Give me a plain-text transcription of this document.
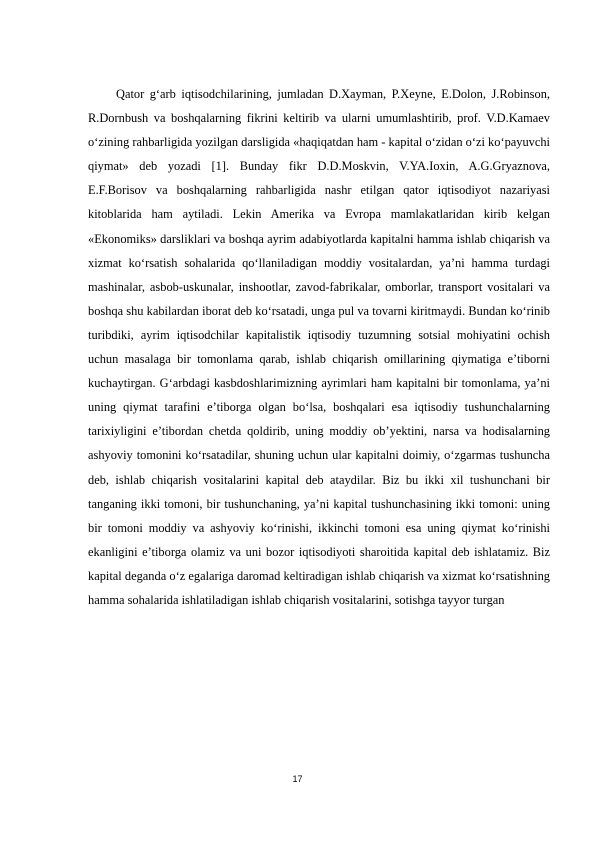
Qator g‘arb iqtisodchilarining, jumladan D.Xayman, P.Xeyne, E.Dolon, J.Robinson, R.Dornbush va boshqalarning fikrini keltirib va ularni umumlashtirib, prof. V.D.Kamaev o‘zining rahbarligida yozilgan darsligida «haqiqatdan ham - kapital o‘zidan o‘zi ko‘payuvchi qiymat» deb yozadi [1]. Bunday fikr D.D.Moskvin, V.YA.Ioxin, A.G.Gryaznova, E.F.Borisov va boshqalarning rahbarligida nashr etilgan qator iqtisodiyot nazariyasi kitoblarida ham aytiladi. Lekin Amerika va Evropa mamlakatlaridan kirib kelgan «Ekonomiks» darsliklari va boshqa ayrim adabiyotlarda kapitalni hamma ishlab chiqarish va xizmat ko‘rsatish sohalarida qo‘llaniladigan moddiy vositalardan, ya’ni hamma turdagi mashinalar, asbob-uskunalar, inshootlar, zavod-fabrikalar, omborlar, transport vositalari va boshqa shu kabilardan iborat deb ko‘rsatadi, unga pul va tovarni kiritmaydi. Bundan ko‘rinib turibdiki, ayrim iqtisodchilar kapitalistik iqtisodiy tuzumning sotsial mohiyatini ochish uchun masalaga bir tomonlama qarab, ishlab chiqarish omillarining qiymatiga e’tiborni kuchaytirgan. G‘arbdagi kasbdoshlarimizning ayrimlari ham kapitalni bir tomonlama, ya’ni uning qiymat tarafini e’tiborga olgan bo‘lsa, boshqalari esa iqtisodiy tushunchalarning tarixiyligini e’tibordan chetda qoldirib, uning moddiy ob’yektini, narsa va hodisalarning ashyoviy tomonini ko‘rsatadilar, shuning uchun ular kapitalni doimiy, o‘zgarmas tushuncha deb, ishlab chiqarish vositalarini kapital deb ataydilar. Biz bu ikki xil tushunchani bir tanganing ikki tomoni, bir tushunchaning, ya’ni kapital tushunchasining ikki tomoni: uning bir tomoni moddiy va ashyoviy ko‘rinishi, ikkinchi tomoni esa uning qiymat ko‘rinishi ekanligini e’tiborga olamiz va uni bozor iqtisodiyoti sharoitida kapital deb ishlatamiz. Biz kapital deganda o‘z egalariga daromad keltiradigan ishlab chiqarish va xizmat ko‘rsatishning hamma sohalarida ishlatiladigan ishlab chiqarish vositalarini, sotishga tayyor turgan

17
